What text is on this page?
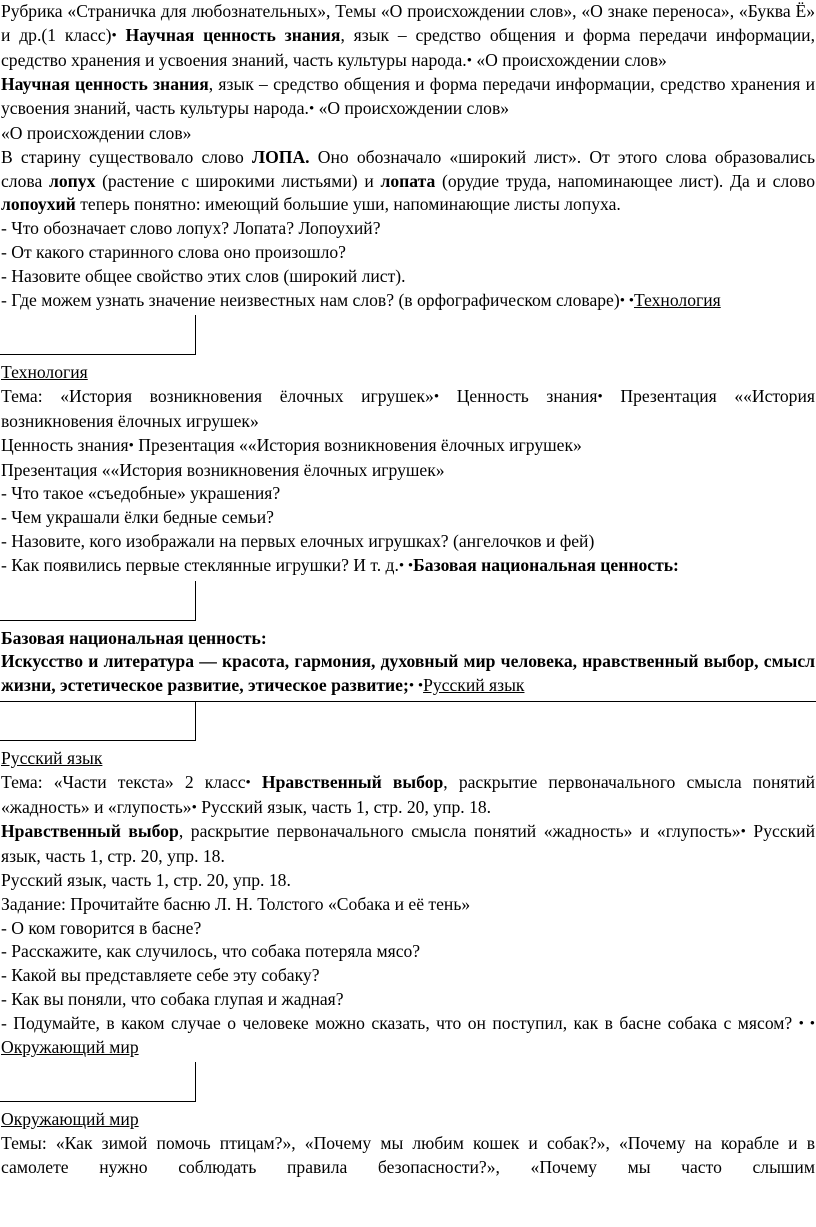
Рубрика «Страничка для любознательных», Темы «О происхождении слов», «О знаке переноса», «Буква Ё» и др.(1 класс)• Научная ценность знания, язык – средство общения и форма передачи информации, средство хранения и усвоения знаний, часть культуры народа.• «О происхождении слов»

Научная ценность знания, язык – средство общения и форма передачи информации, средство хранения и усвоения знаний, часть культуры народа.• «О происхождении слов»

«О происхождении слов»

В старину существовало слово ЛОПА. Оно обозначало «широкий лист». От этого слова образовались слова лопух (растение с широкими листьями) и лопата (орудие труда, напоминающее лист). Да и слово лопоухий теперь понятно: имеющий большие уши, напоминающие листы лопуха.

- Что обозначает слово лопух? Лопата? Лопоухий?

- От какого старинного слова оно произошло?

- Назовите общее свойство этих слов (широкий лист).

- Где можем узнать значение неизвестных нам слов? (в орфографическом словаре)• •Технология

Технология

Тема: «История возникновения ёлочных игрушек»• Ценность знания• Презентация ««История возникновения ёлочных игрушек»

Ценность знания• Презентация ««История возникновения ёлочных игрушек»

Презентация ««История возникновения ёлочных игрушек»

- Что такое «съедобные» украшения?

- Чем украшали ёлки бедные семьи?

- Назовите, кого изображали на первых елочных игрушках? (ангелочков и фей)

- Как появились первые стеклянные игрушки? И т. д.• •Базовая национальная ценность:

Базовая национальная ценность:

Искусство и литература — красота, гармония, духовный мир человека, нравственный выбор, смысл жизни, эстетическое развитие, этическое развитие;• •Русский язык

Русский язык

Тема: «Части текста» 2 класс• Нравственный выбор, раскрытие первоначального смысла понятий «жадность» и «глупость»• Русский язык, часть 1, стр. 20, упр. 18.

Нравственный выбор, раскрытие первоначального смысла понятий «жадность» и «глупость»• Русский язык, часть 1, стр. 20, упр. 18.

Русский язык, часть 1, стр. 20, упр. 18.

Задание: Прочитайте басню Л. Н. Толстого «Собака и её тень»

- О ком говорится в басне?

- Расскажите, как случилось, что собака потеряла мясо?

- Какой вы представляете себе эту собаку?

- Как вы поняли, что собака глупая и жадная?

- Подумайте, в каком случае о человеке можно сказать, что он поступил, как в басне собака с мясом? • • Окружающий мир

Окружающий мир

Темы: «Как зимой помочь птицам?», «Почему мы любим кошек и собак?», «Почему на корабле и в самолете нужно соблюдать правила безопасности?», «Почему мы часто слышим
